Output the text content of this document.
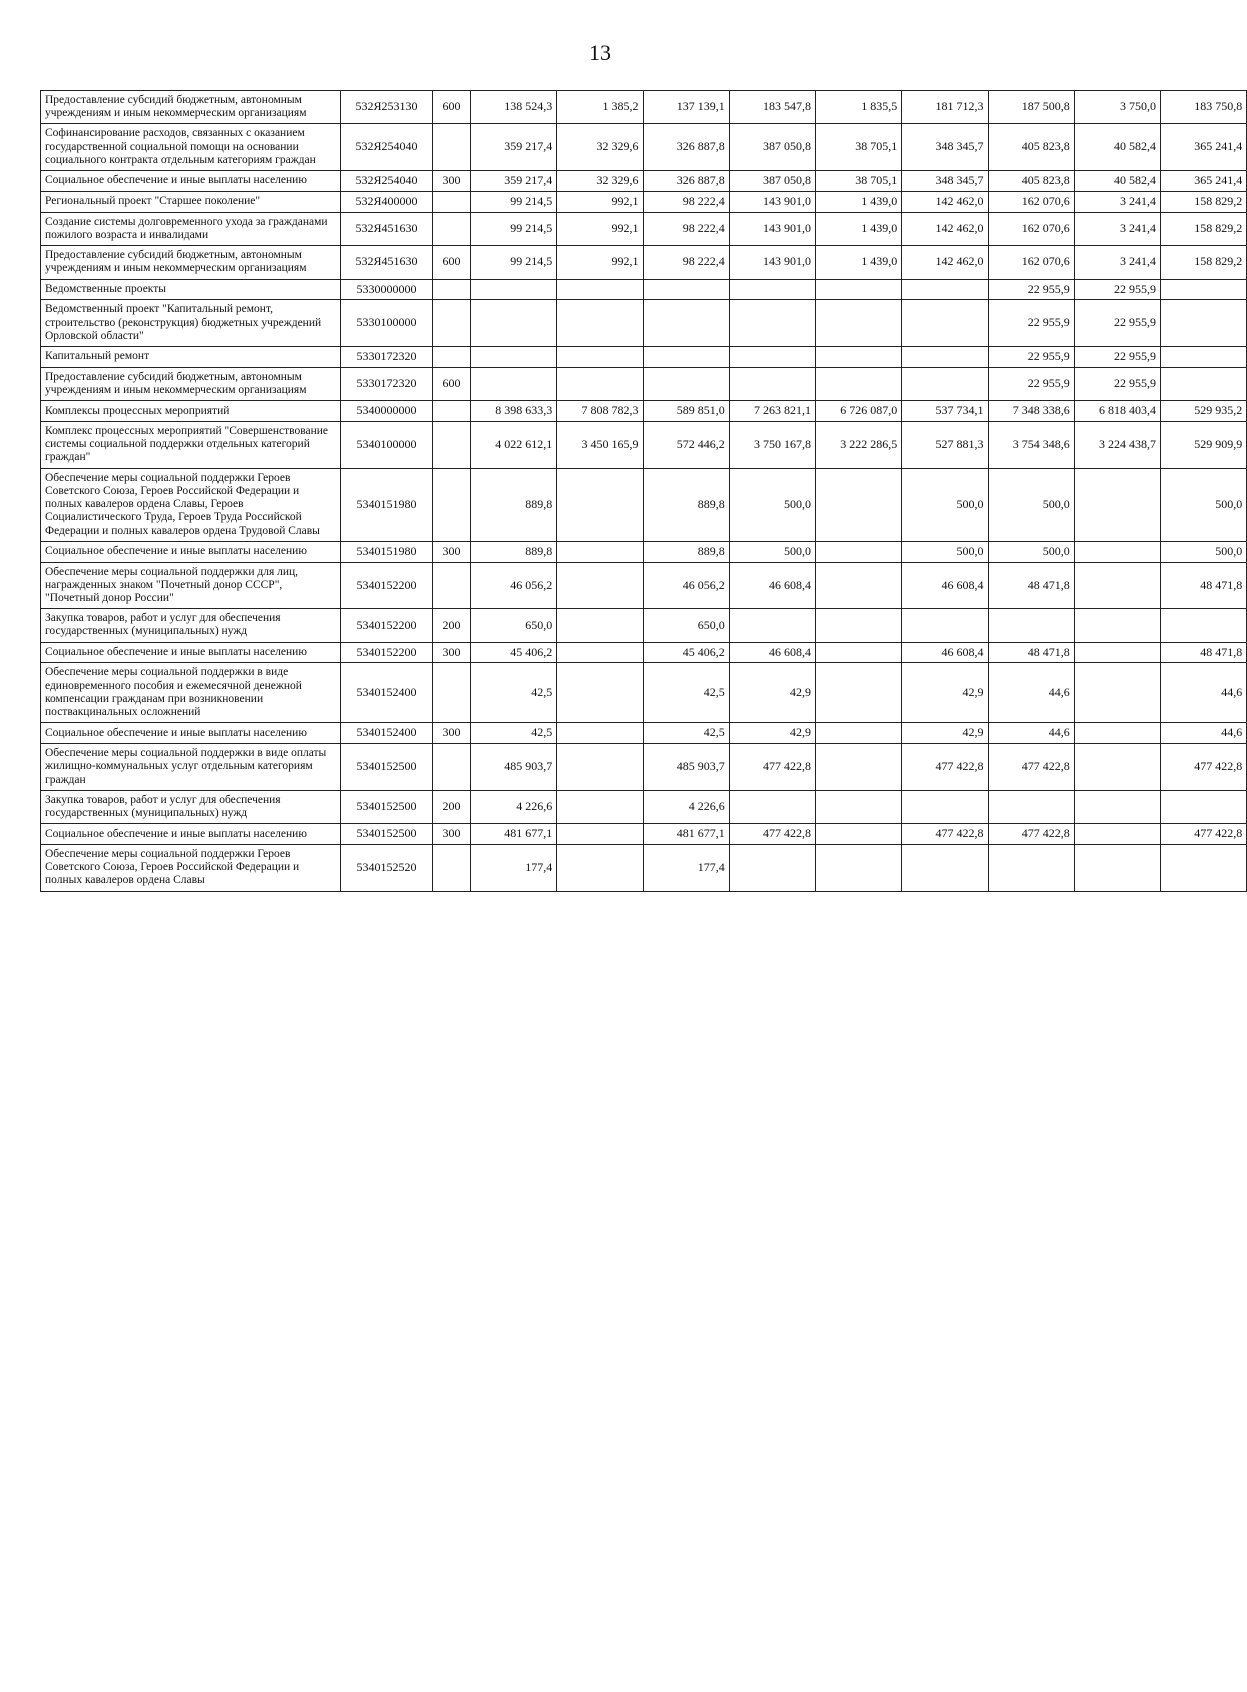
13
Предоставление субсидий бюджетным, автономным учреждениям и иным некоммерческим организациям	532Я253130	600	138 524,3	1 385,2	137 139,1	183 547,8	1 835,5	181 712,3	187 500,8	3 750,0	183 750,8
Софинансирование расходов, связанных с оказанием государственной социальной помощи на основании социального контракта отдельным категориям граждан	532Я254040		359 217,4	32 329,6	326 887,8	387 050,8	38 705,1	348 345,7	405 823,8	40 582,4	365 241,4
Социальное обеспечение и иные выплаты населению	532Я254040	300	359 217,4	32 329,6	326 887,8	387 050,8	38 705,1	348 345,7	405 823,8	40 582,4	365 241,4
Региональный проект "Старшее поколение"	532Я400000		99 214,5	992,1	98 222,4	143 901,0	1 439,0	142 462,0	162 070,6	3 241,4	158 829,2
Создание системы долговременного ухода за гражданами пожилого возраста и инвалидами	532Я451630		99 214,5	992,1	98 222,4	143 901,0	1 439,0	142 462,0	162 070,6	3 241,4	158 829,2
Предоставление субсидий бюджетным, автономным учреждениям и иным некоммерческим организациям	532Я451630	600	99 214,5	992,1	98 222,4	143 901,0	1 439,0	142 462,0	162 070,6	3 241,4	158 829,2
Ведомственные проекты	5330000000								22 955,9	22 955,9	
Ведомственный проект "Капитальный ремонт, строительство (реконструкция) бюджетных учреждений Орловской области"	5330100000								22 955,9	22 955,9	
Капитальный ремонт	5330172320								22 955,9	22 955,9	
Предоставление субсидий бюджетным, автономным учреждениям и иным некоммерческим организациям	5330172320	600							22 955,9	22 955,9	
Комплексы процессных мероприятий	5340000000		8 398 633,3	7 808 782,3	589 851,0	7 263 821,1	6 726 087,0	537 734,1	7 348 338,6	6 818 403,4	529 935,2
Комплекс процессных мероприятий "Совершенствование системы социальной поддержки отдельных категорий граждан"	5340100000		4 022 612,1	3 450 165,9	572 446,2	3 750 167,8	3 222 286,5	527 881,3	3 754 348,6	3 224 438,7	529 909,9
Обеспечение меры социальной поддержки Героев Советского Союза, Героев Российской Федерации и полных кавалеров ордена Славы, Героев Социалистического Труда, Героев Труда Российской Федерации и полных кавалеров ордена Трудовой Славы	5340151980		889,8		889,8	500,0		500,0	500,0		500,0
Социальное обеспечение и иные выплаты населению	5340151980	300	889,8		889,8	500,0		500,0	500,0		500,0
Обеспечение меры социальной поддержки для лиц, награжденных знаком "Почетный донор СССР", "Почетный донор России"	5340152200		46 056,2		46 056,2	46 608,4		46 608,4	48 471,8		48 471,8
Закупка товаров, работ и услуг для обеспечения государственных (муниципальных) нужд	5340152200	200	650,0		650,0						
Социальное обеспечение и иные выплаты населению	5340152200	300	45 406,2		45 406,2	46 608,4		46 608,4	48 471,8		48 471,8
Обеспечение меры социальной поддержки в виде единовременного пособия и ежемесячной денежной компенсации гражданам при возникновении поствакцинальных осложнений	5340152400		42,5		42,5	42,9		42,9	44,6		44,6
Социальное обеспечение и иные выплаты населению	5340152400	300	42,5		42,5	42,9		42,9	44,6		44,6
Обеспечение меры социальной поддержки в виде оплаты жилищно-коммунальных услуг отдельным категориям граждан	5340152500		485 903,7		485 903,7	477 422,8		477 422,8	477 422,8		477 422,8
Закупка товаров, работ и услуг для обеспечения государственных (муниципальных) нужд	5340152500	200	4 226,6		4 226,6						
Социальное обеспечение и иные выплаты населению	5340152500	300	481 677,1		481 677,1	477 422,8		477 422,8	477 422,8		477 422,8
Обеспечение меры социальной поддержки Героев Советского Союза, Героев Российской Федерации и полных кавалеров ордена Славы	5340152520		177,4		177,4						
